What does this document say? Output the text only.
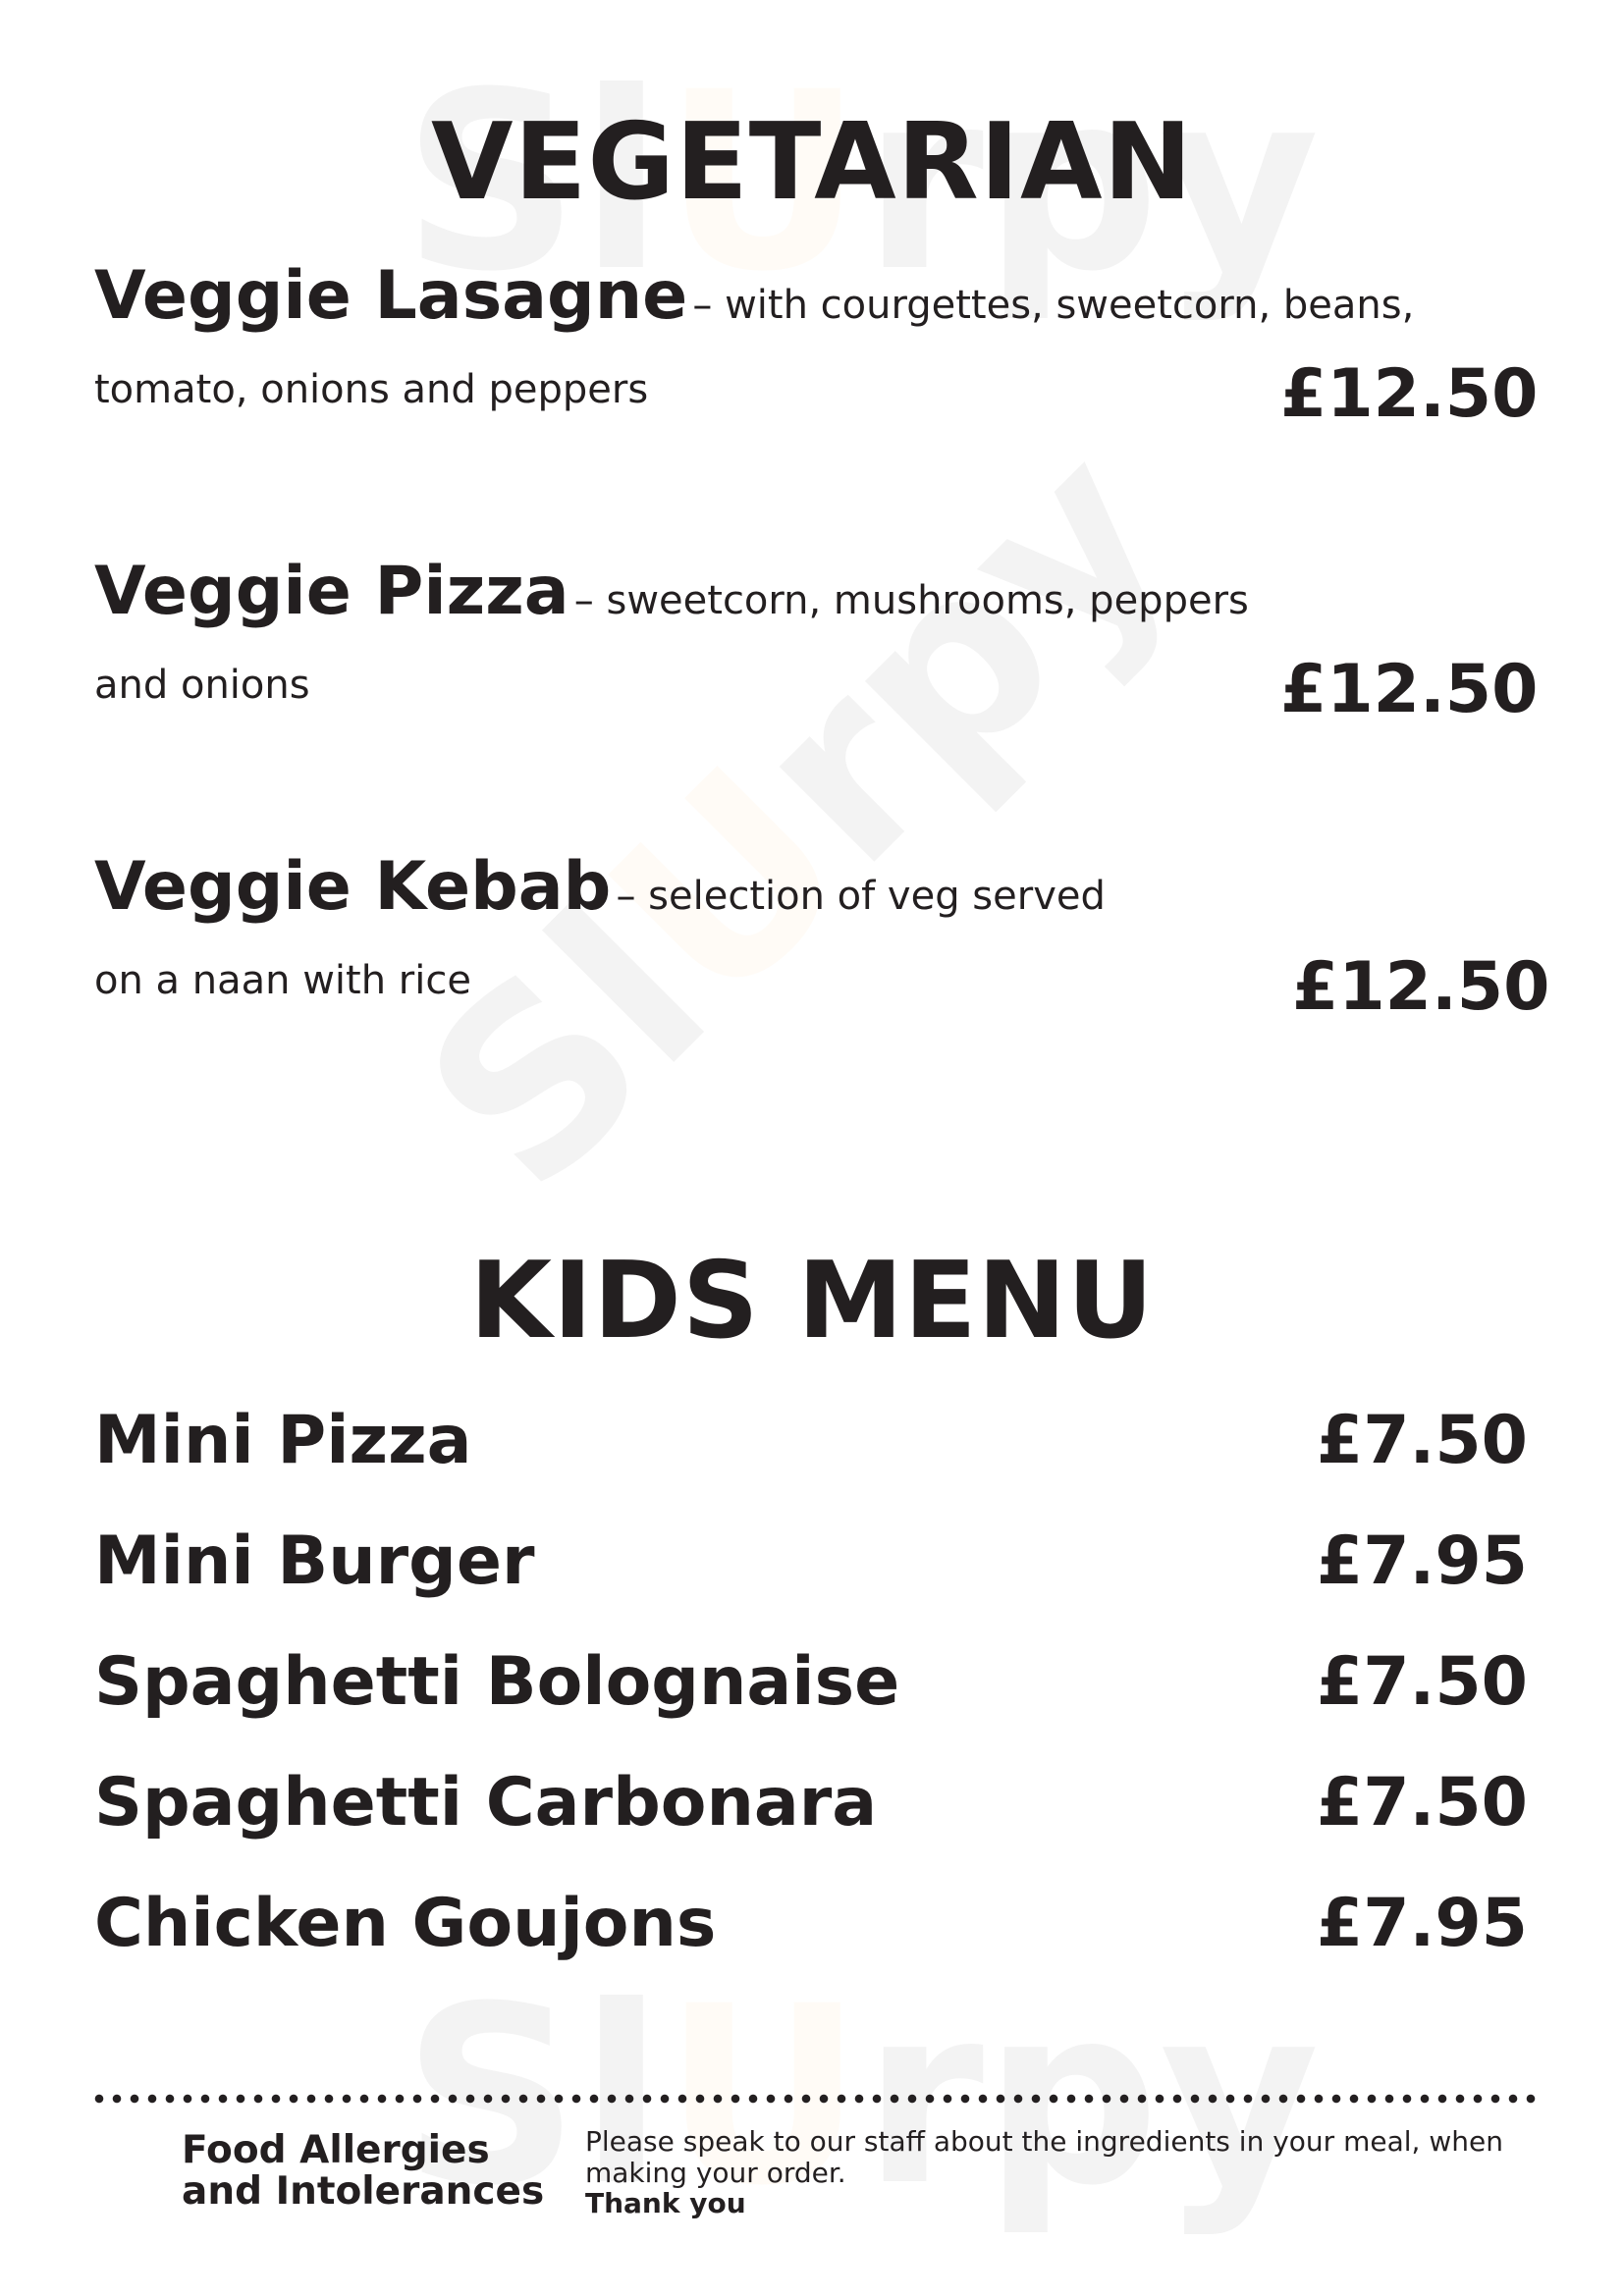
VEGETARIAN
Veggie Lasagne – with courgettes, sweetcorn, beans,
tomato, onions and peppers	£12.50
Veggie Pizza – sweetcorn, mushrooms, peppers
and onions	£12.50
Veggie Kebab – selection of veg served
on a naan with rice	£12.50
KIDS MENU
Mini Pizza	£7.50
Mini Burger	£7.95
Spaghetti Bolognaise	£7.50
Spaghetti Carbonara	£7.50
Chicken Goujons	£7.95
Food Allergies
and Intolerances
Please speak to our staff about the ingredients in your meal, when making your order.
Thank you
